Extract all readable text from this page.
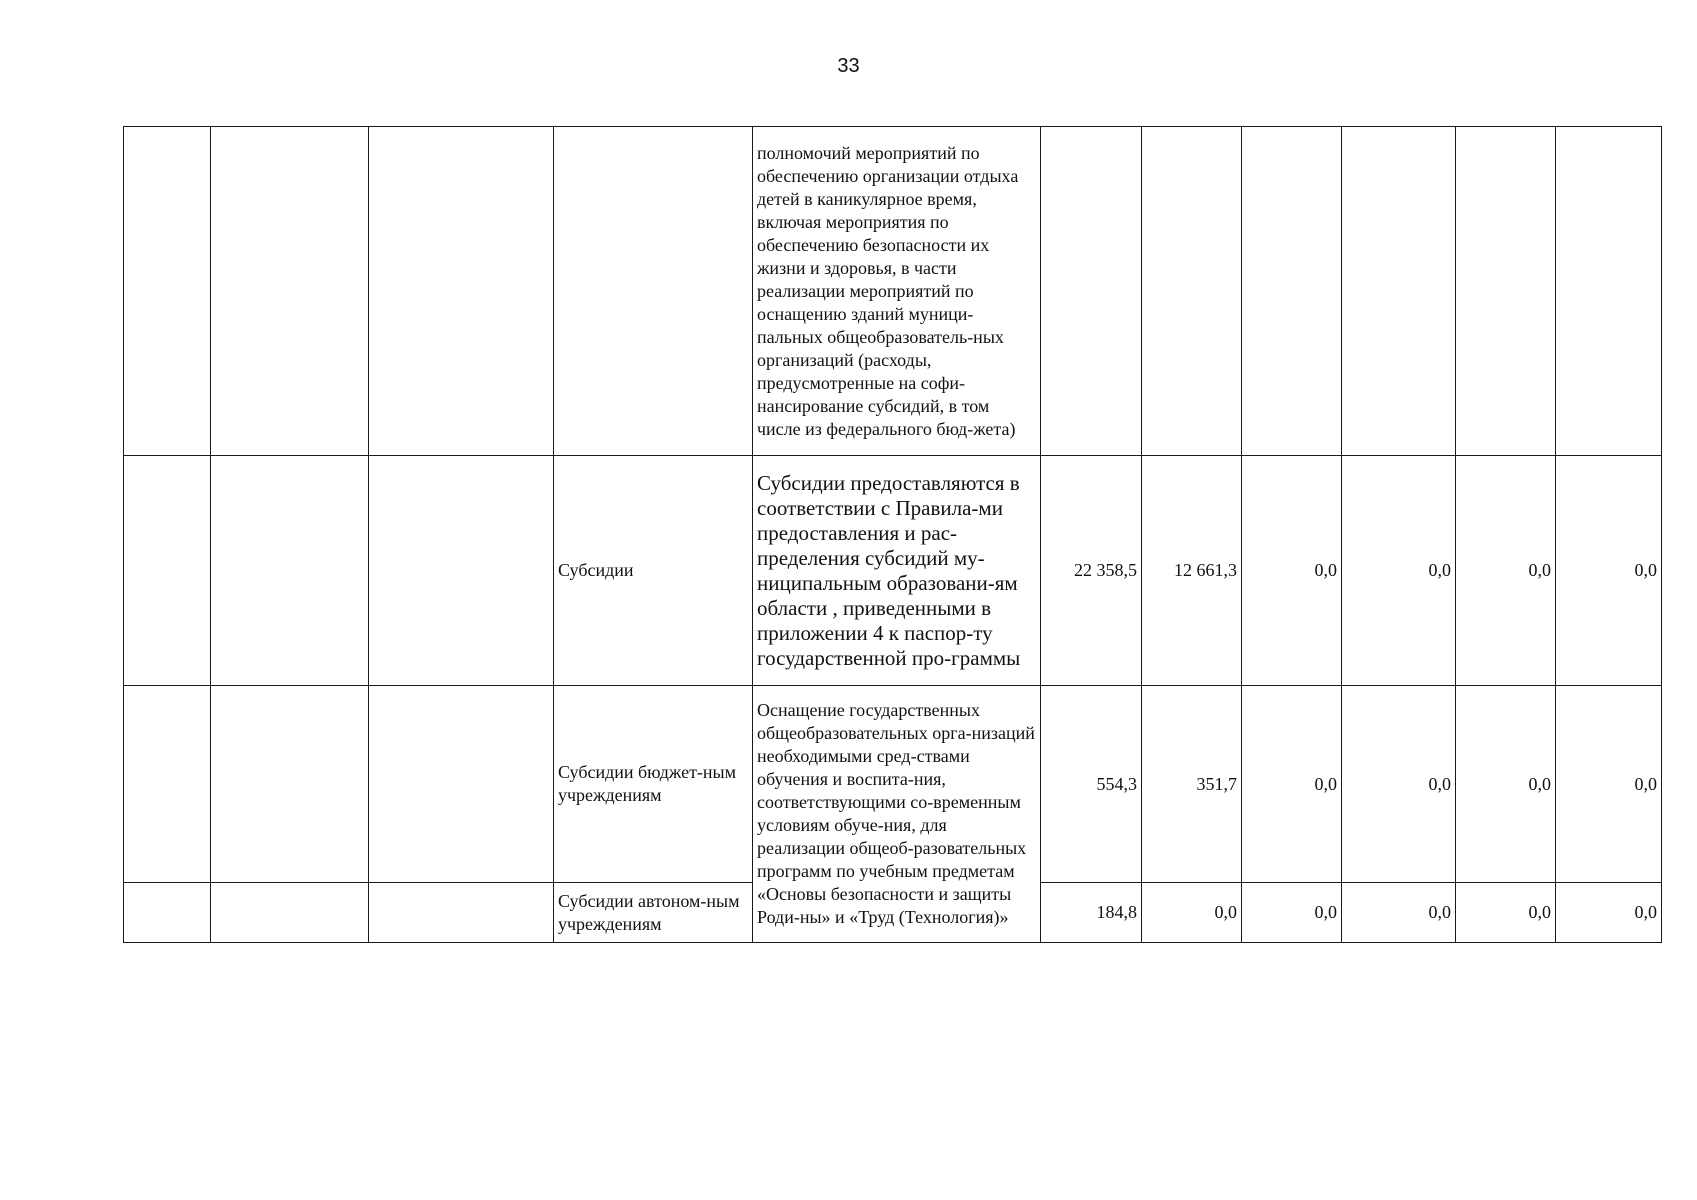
33
				полномочий мероприятий по обеспечению организации отдыха детей в каникулярное время, включая мероприятия по обеспечению безопасности их жизни и здоровья, в части реализации мероприятий по оснащению зданий муници-пальных общеобразователь-ных организаций (расходы, предусмотренные на софи-нансирование субсидий, в том числе из федерального бюд-жета)						
			Субсидии	Субсидии предоставляются в соответствии с Правила-ми предоставления и рас-пределения субсидий му-ниципальным образовани-ям области , приведенными в приложении 4 к паспор-ту государственной про-граммы	22 358,5	12 661,3	0,0	0,0	0,0	0,0
			Субсидии бюджет-ным учреждениям	Оснащение государственных общеобразовательных орга-низаций необходимыми сред-ствами обучения и воспита-ния, соответствующими со-временным условиям обуче-ния, для реализации общеоб-разовательных программ по учебным предметам «Основы безопасности и защиты Роди-ны» и «Труд (Технология)»	554,3	351,7	0,0	0,0	0,0	0,0
			Субсидии автоном-ным учреждениям		184,8	0,0	0,0	0,0	0,0	0,0
